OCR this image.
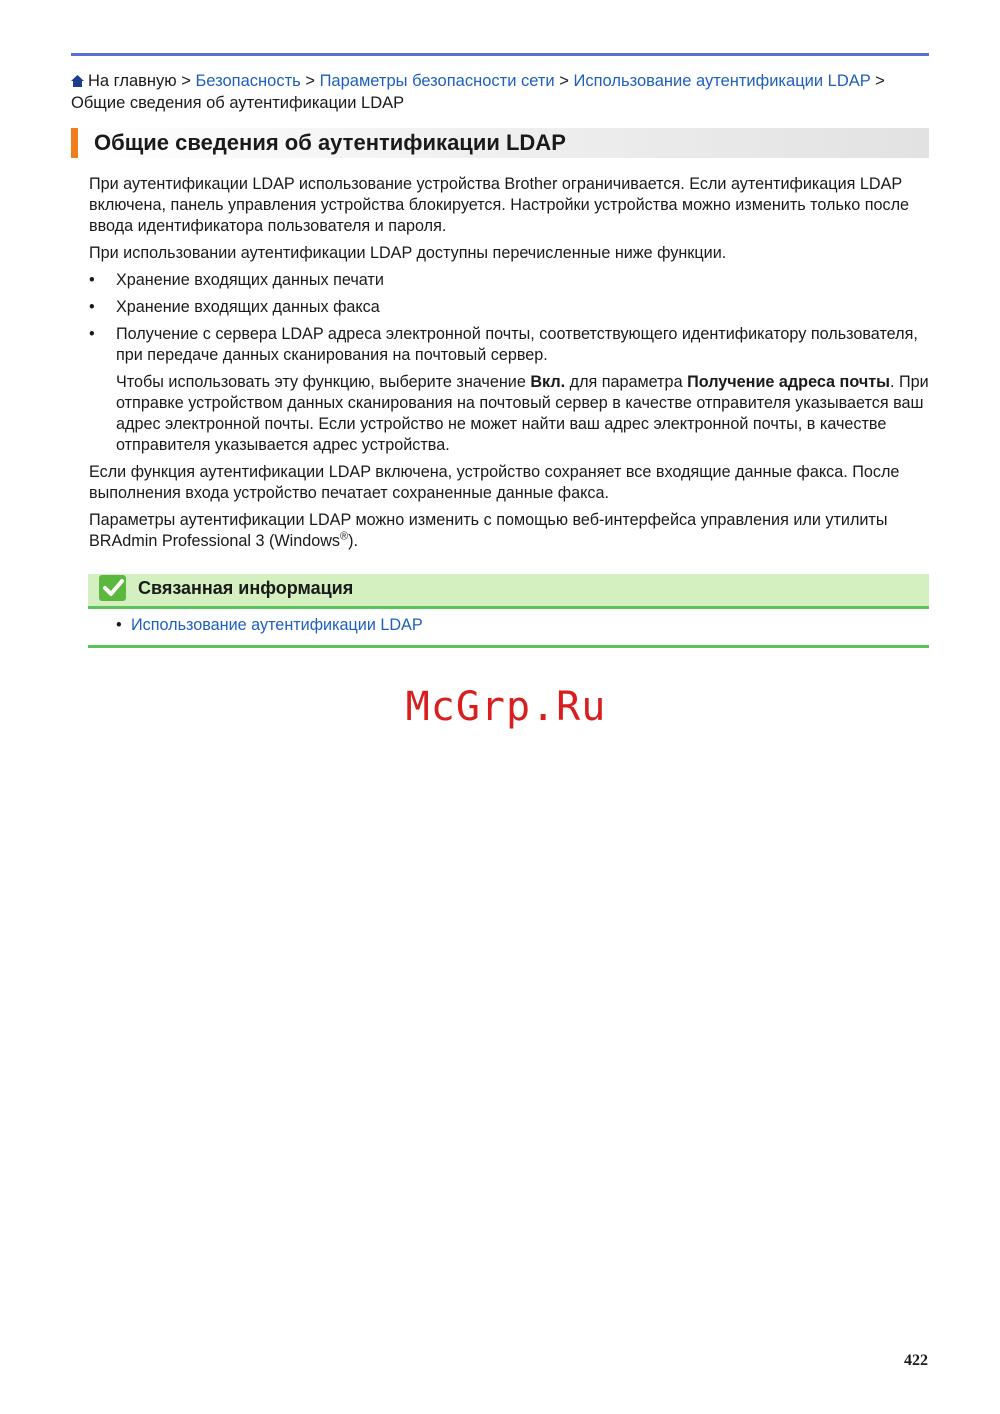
На главную > Безопасность > Параметры безопасности сети > Использование аутентификации LDAP > Общие сведения об аутентификации LDAP
Общие сведения об аутентификации LDAP

При аутентификации LDAP использование устройства Brother ограничивается. Если аутентификация LDAP включена, панель управления устройства блокируется. Настройки устройства можно изменить только после ввода идентификатора пользователя и пароля.

При использовании аутентификации LDAP доступны перечисленные ниже функции.

• Хранение входящих данных печати
• Хранение входящих данных факса
• Получение с сервера LDAP адреса электронной почты, соответствующего идентификатору пользователя, при передаче данных сканирования на почтовый сервер.

Чтобы использовать эту функцию, выберите значение Вкл. для параметра Получение адреса почты. При отправке устройством данных сканирования на почтовый сервер в качестве отправителя указывается ваш адрес электронной почты. Если устройство не может найти ваш адрес электронной почты, в качестве отправителя указывается адрес устройства.

Если функция аутентификации LDAP включена, устройство сохраняет все входящие данные факса. После выполнения входа устройство печатает сохраненные данные факса.

Параметры аутентификации LDAP можно изменить с помощью веб-интерфейса управления или утилиты BRAdmin Professional 3 (Windows®).

Связанная информация
• Использование аутентификации LDAP
McGrp.Ru
422
